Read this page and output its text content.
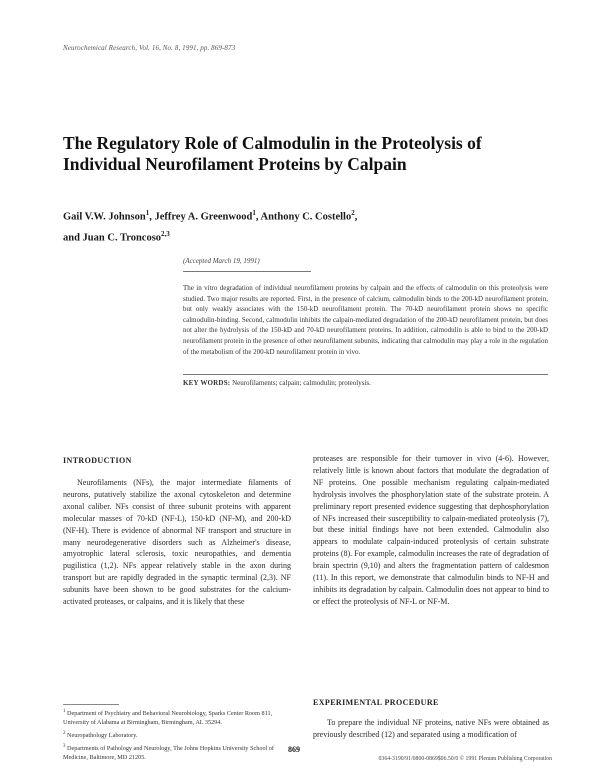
Neurochemical Research, Vol. 16, No. 8, 1991, pp. 869-873
The Regulatory Role of Calmodulin in the Proteolysis of Individual Neurofilament Proteins by Calpain
Gail V.W. Johnson$^1$, Jeffrey A. Greenwood$^1$, Anthony C. Costello$^2$,
and Juan C. Troncoso$^{2,3}$
(Accepted March 19, 1991)
The in vitro degradation of individual neurofilament proteins by calpain and the effects of calmodulin on this proteolysis were studied. Two major results are reported. First, in the presence of calcium, calmodulin binds to the 200-kD neurofilament protein, but only weakly associates with the 150-kD neurofilament protein. The 70-kD neurofilament protein shows no specific calmodulin-binding. Second, calmodulin inhibits the calpain-mediated degradation of the 200-kD neurofilament protein, but does not alter the hydrolysis of the 150-kD and 70-kD neurofilament proteins. In addition, calmodulin is able to bind to the 200-kD neurofilament protein in the presence of other neurofilament subunits, indicating that calmodulin may play a role in the regulation of the metabolism of the 200-kD neurofilament protein in vivo.
KEY WORDS: Neurofilaments; calpain; calmodulin; proteolysis.
INTRODUCTION

Neurofilaments (NFs), the major intermediate filaments of neurons, putatively stabilize the axonal cytoskeleton and determine axonal caliber. NFs consist of three subunit proteins with apparent molecular masses of 70-kD (NF-L), 150-kD (NF-M), and 200-kD (NF-H). There is evidence of abnormal NF transport and structure in many neurodegenerative disorders such as Alzheimer's disease, amyotrophic lateral sclerosis, toxic neuropathies, and dementia pugilistica (1,2). NFs appear relatively stable in the axon during transport but are rapidly degraded in the synaptic terminal (2,3). NF subunits have been shown to be good substrates for the calcium-activated proteases, or calpains, and it is likely that these

$^1$ Department of Psychiatry and Behavioral Neurobiology, Sparks Center Room 811, University of Alabama at Birmingham, Birmingham, AL 35294.

$^2$ Neuropathology Laboratory.

$^3$ Departments of Pathology and Neurology, The Johns Hopkins University School of Medicine, Baltimore, MD 21205.

proteases are responsible for their turnover in vivo (4-6). However, relatively little is known about factors that modulate the degradation of NF proteins. One possible mechanism regulating calpain-mediated hydrolysis involves the phosphorylation state of the substrate protein. A preliminary report presented evidence suggesting that dephosphorylation of NFs increased their susceptibility to calpain-mediated proteolysis (7), but these initial findings have not been extended. Calmodulin also appears to modulate calpain-induced proteolysis of certain substrate proteins (8). For example, calmodulin increases the rate of degradation of brain spectrin (9,10) and alters the fragmentation pattern of caldesmon (11). In this report, we demonstrate that calmodulin binds to NF-H and inhibits its degradation by calpain. Calmodulin does not appear to bind to or effect the proteolysis of NF-L or NF-M.

EXPERIMENTAL PROCEDURE

To prepare the individual NF proteins, native NFs were obtained as previously described (12) and separated using a modification of

869
0364-3190/91/0800-0869$06.50/0 © 1991 Plenum Publishing Corporation
